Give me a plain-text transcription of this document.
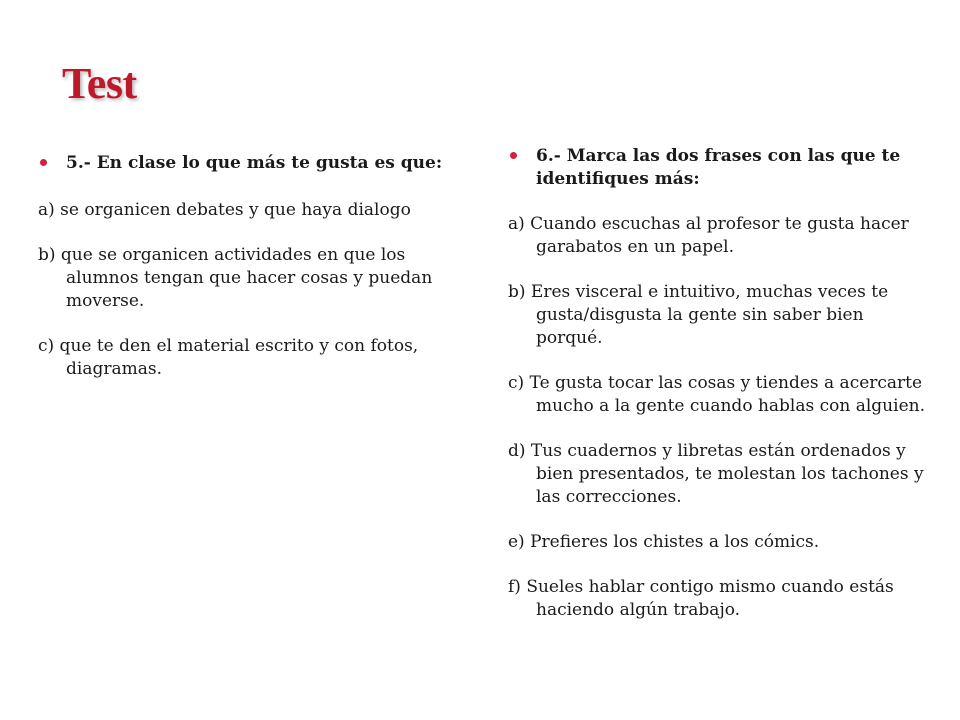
Test

5.- En clase lo que más te gusta es que:

a) se organicen debates y que haya dialogo

b) que se organicen actividades en que los alumnos tengan que hacer cosas y puedan moverse.

c) que te den el material escrito y con fotos, diagramas.

6.- Marca las dos frases con las que te identifiques más:

a) Cuando escuchas al profesor te gusta hacer garabatos en un papel.

b) Eres visceral e intuitivo, muchas veces te gusta/disgusta la gente sin saber bien porqué.

c) Te gusta tocar las cosas y tiendes a acercarte mucho a la gente cuando hablas con alguien.

d) Tus cuadernos y libretas están ordenados y bien presentados, te molestan los tachones y las correcciones.

e) Prefieres los chistes a los cómics.

f) Sueles hablar contigo mismo cuando estás haciendo algún trabajo.
